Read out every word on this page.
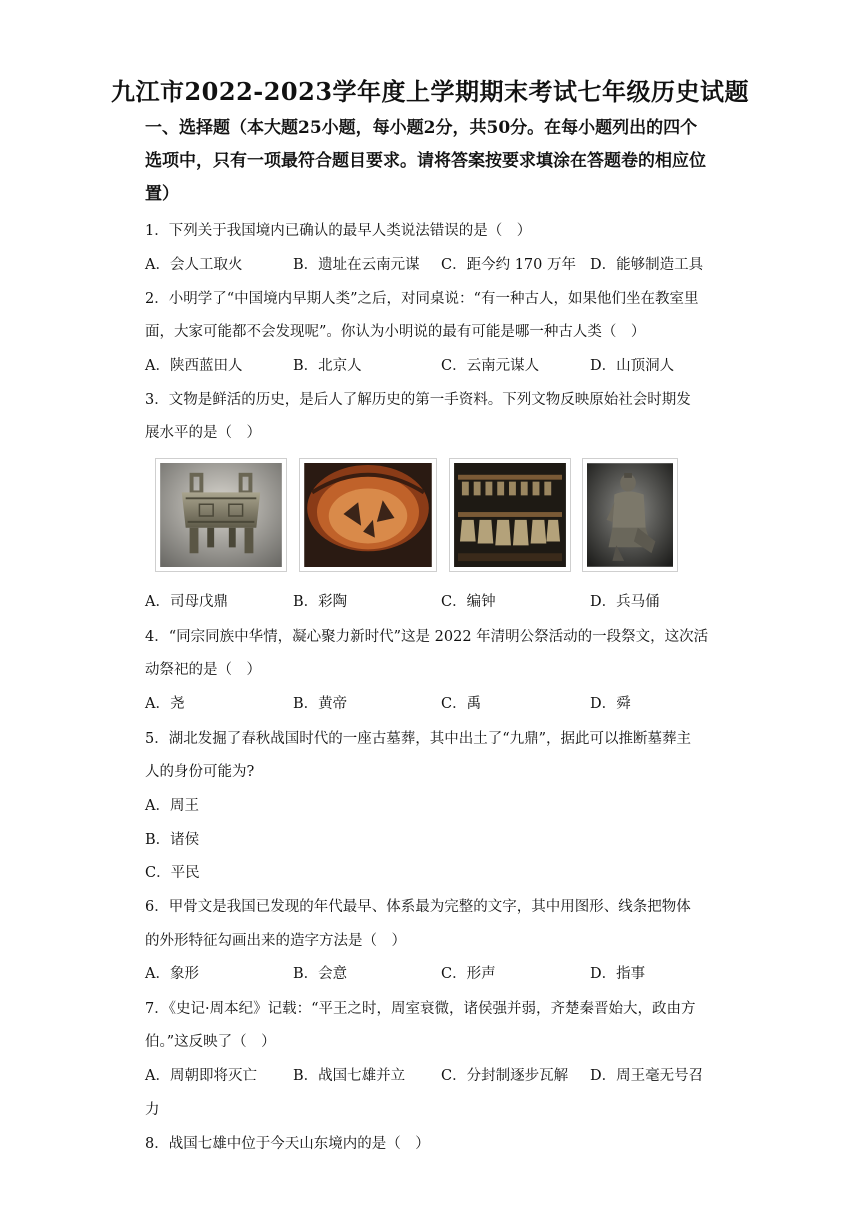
九江市2022-2023学年度上学期期末考试七年级历史试题
一、选择题（本大题25小题，每小题2分，共50分。在每小题列出的四个
选项中，只有一项最符合题目要求。请将答案按要求填涂在答题卷的相应位
置）
1．下列关于我国境内已确认的最早人类说法错误的是（　）
A．会人工取火	B．遗址在云南元谋 C．距今约 170 万年 D．能够制造工具
2．小明学了“中国境内早期人类”之后，对同桌说：“有一种古人，如果他们坐在教室里
面，大家可能都不会发现呢”。你认为小明说的最有可能是哪一种古人类（　）
A．陕西蓝田人	B．北京人	C．云南元谋人	D．山顶洞人
3．文物是鲜活的历史，是后人了解历史的第一手资料。下列文物反映原始社会时期发
展水平的是（　）
A．司母戊鼎	B．彩陶	C．编钟	D．兵马俑
4．“同宗同族中华情，凝心聚力新时代”这是 2022 年清明公祭活动的一段祭文，这次活
动祭祀的是（　）
A．尧	B．黄帝	C．禹	D．舜
5．湖北发掘了春秋战国时代的一座古墓葬，其中出土了“九鼎”，据此可以推断墓葬主
人的身份可能为?
A．周王
B．诸侯
C．平民
6．甲骨文是我国已发现的年代最早、体系最为完整的文字，其中用图形、线条把物体
的外形特征勾画出来的造字方法是（　）
A．象形	B．会意	C．形声	D．指事
7．《史记·周本纪》记载：“平王之时，周室衰微，诸侯强并弱，齐楚秦晋始大，政由方
伯。”这反映了（　）
A．周朝即将灭亡 B．战国七雄并立 C．分封制逐步瓦解 D．周王毫无号召
力
8．战国七雄中位于今天山东境内的是（　）
